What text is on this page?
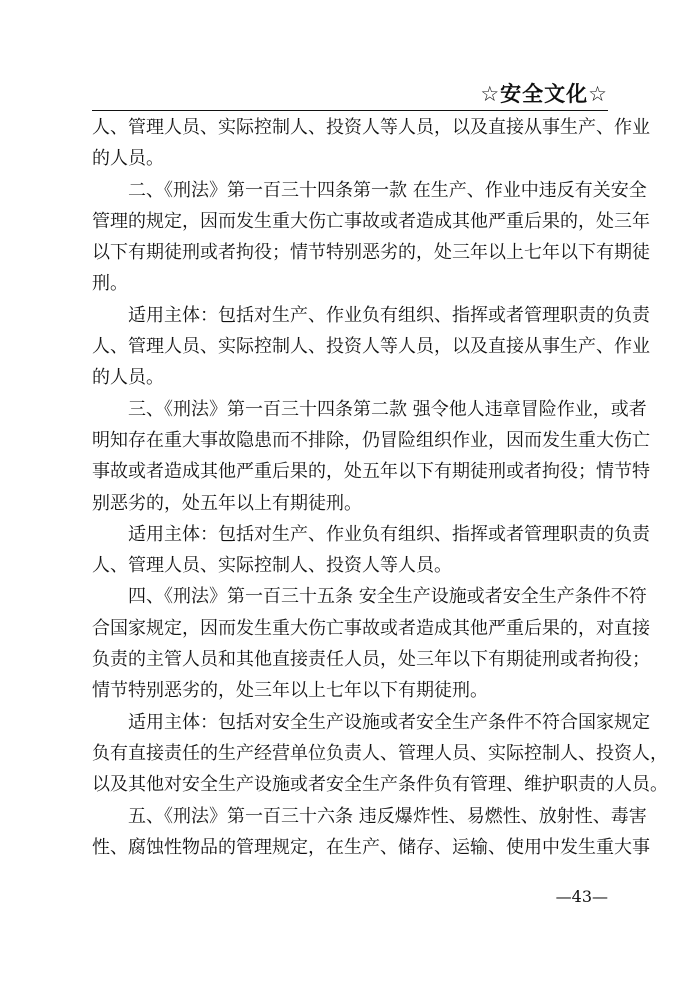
☆安全文化☆
人、管理人员、实际控制人、投资人等人员，以及直接从事生产、作业
的人员。
二、《刑法》第一百三十四条第一款 在生产、作业中违反有关安全
管理的规定，因而发生重大伤亡事故或者造成其他严重后果的，处三年
以下有期徒刑或者拘役；情节特别恶劣的，处三年以上七年以下有期徒
刑。
适用主体：包括对生产、作业负有组织、指挥或者管理职责的负责
人、管理人员、实际控制人、投资人等人员，以及直接从事生产、作业
的人员。
三、《刑法》第一百三十四条第二款 强令他人违章冒险作业，或者
明知存在重大事故隐患而不排除，仍冒险组织作业，因而发生重大伤亡
事故或者造成其他严重后果的，处五年以下有期徒刑或者拘役；情节特
别恶劣的，处五年以上有期徒刑。
适用主体：包括对生产、作业负有组织、指挥或者管理职责的负责
人、管理人员、实际控制人、投资人等人员。
四、《刑法》第一百三十五条 安全生产设施或者安全生产条件不符
合国家规定，因而发生重大伤亡事故或者造成其他严重后果的，对直接
负责的主管人员和其他直接责任人员，处三年以下有期徒刑或者拘役；
情节特别恶劣的，处三年以上七年以下有期徒刑。
适用主体：包括对安全生产设施或者安全生产条件不符合国家规定
负有直接责任的生产经营单位负责人、管理人员、实际控制人、投资人，
以及其他对安全生产设施或者安全生产条件负有管理、维护职责的人员。
五、《刑法》第一百三十六条 违反爆炸性、易燃性、放射性、毒害
性、腐蚀性物品的管理规定，在生产、储存、运输、使用中发生重大事
—43—
